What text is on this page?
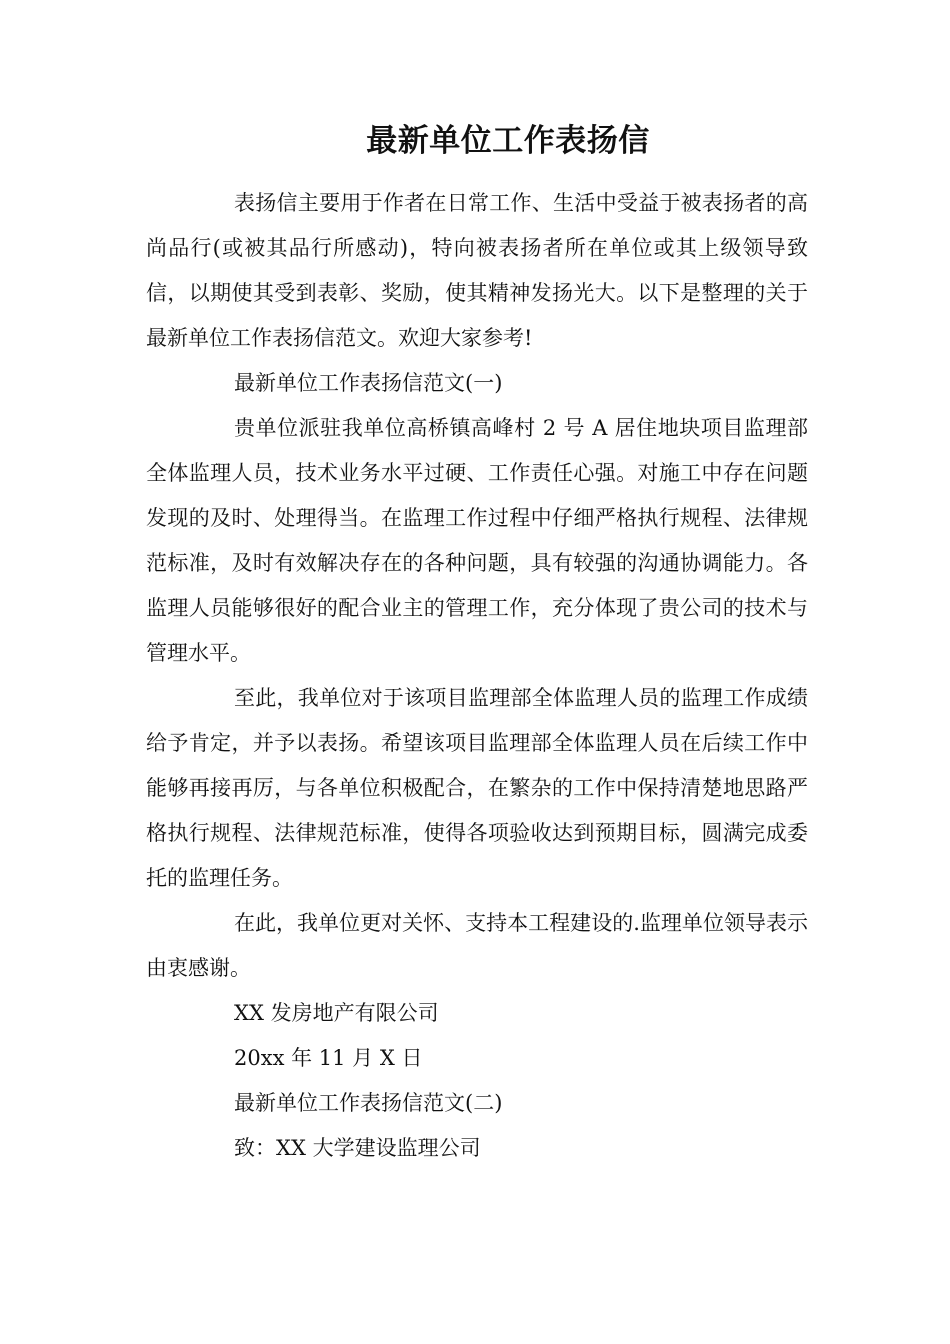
最新单位工作表扬信

表扬信主要用于作者在日常工作、生活中受益于被表扬者的高尚品行(或被其品行所感动)，特向被表扬者所在单位或其上级领导致信，以期使其受到表彰、奖励，使其精神发扬光大。以下是整理的关于 最新单位工作表扬信范文。欢迎大家参考!

最新单位工作表扬信范文(一)

贵单位派驻我单位高桥镇高峰村 2 号 A 居住地块项目监理部全体监理人员，技术业务水平过硬、工作责任心强。对施工中存在问题发现的及时、处理得当。在监理工作过程中仔细严格执行规程、法律规范标准，及时有效解决存在的各种问题，具有较强的沟通协调能力。各监理人员能够很好的配合业主的管理工作，充分体现了贵公司的技术与管理水平。

至此，我单位对于该项目监理部全体监理人员的监理工作成绩给予肯定，并予以表扬。希望该项目监理部全体监理人员在后续工作中能够再接再厉，与各单位积极配合，在繁杂的工作中保持清楚地思路严格执行规程、法律规范标准，使得各项验收达到预期目标，圆满完成委托的监理任务。

在此，我单位更对关怀、支持本工程建设的.监理单位领导表示由衷感谢。

XX 发房地产有限公司

20xx 年 11 月 X 日

最新单位工作表扬信范文(二)

致：XX 大学建设监理公司
